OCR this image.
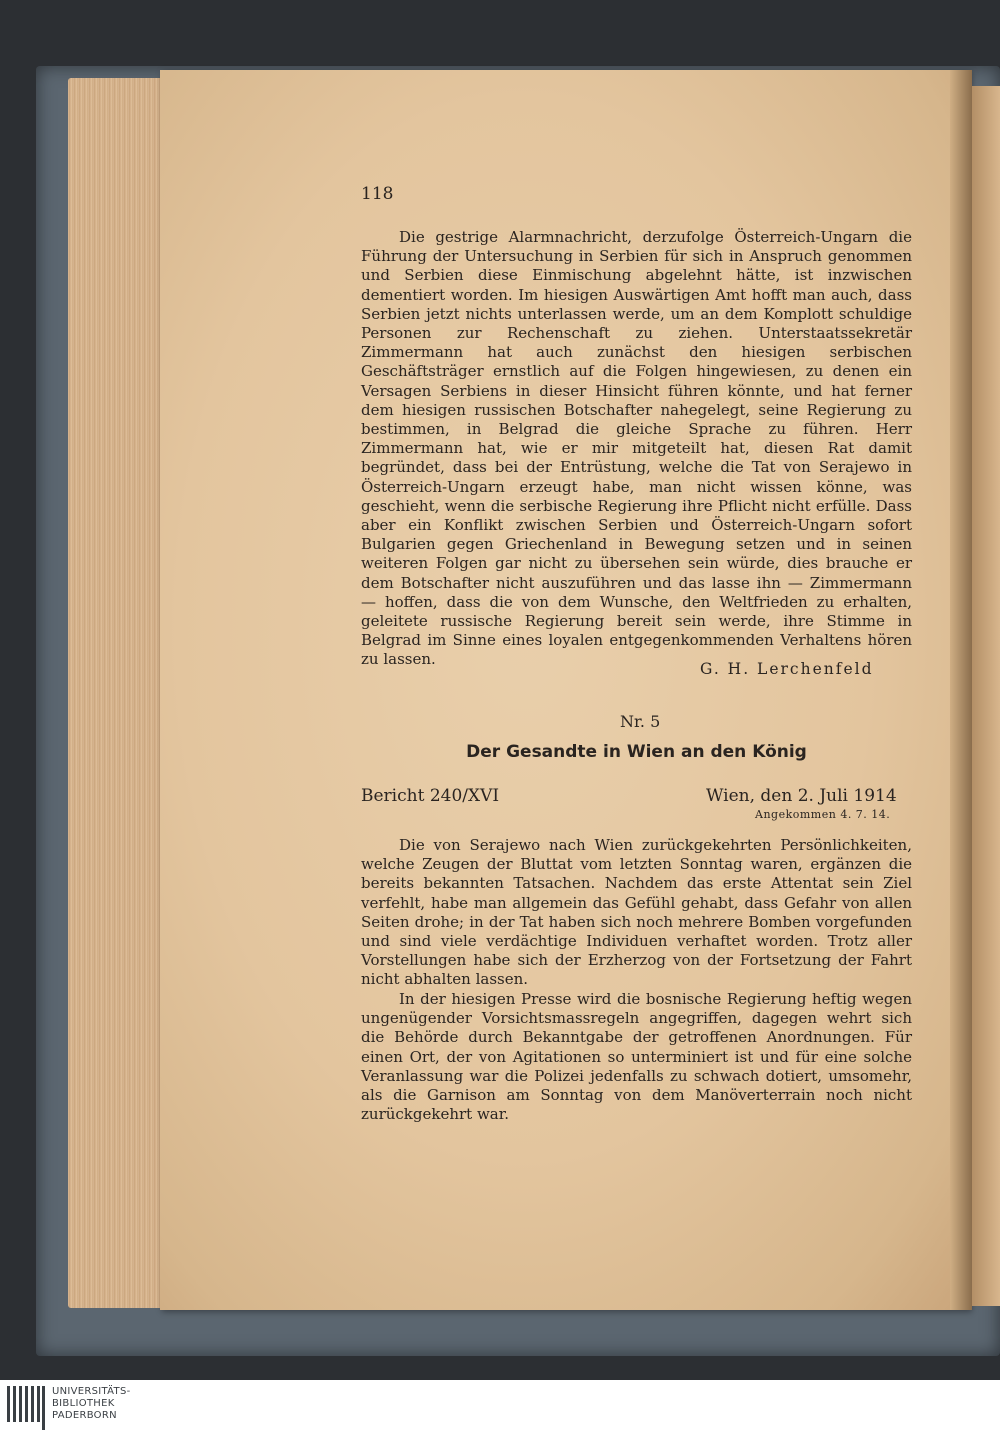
118

Die gestrige Alarmnachricht, derzufolge Österreich-Ungarn die Führung der Untersuchung in Serbien für sich in Anspruch genommen und Serbien diese Einmischung abgelehnt hätte, ist inzwischen dementiert worden. Im hiesigen Auswärtigen Amt hofft man auch, dass Serbien jetzt nichts unterlassen werde, um an dem Komplott schuldige Personen zur Rechenschaft zu ziehen. Unterstaatssekretär Zimmermann hat auch zunächst den hiesigen serbischen Geschäftsträger ernstlich auf die Folgen hingewiesen, zu denen ein Versagen Serbiens in dieser Hinsicht führen könnte, und hat ferner dem hiesigen russischen Botschafter nahegelegt, seine Regierung zu bestimmen, in Belgrad die gleiche Sprache zu führen. Herr Zimmermann hat, wie er mir mitgeteilt hat, diesen Rat damit begründet, dass bei der Entrüstung, welche die Tat von Serajewo in Österreich-Ungarn erzeugt habe, man nicht wissen könne, was geschieht, wenn die serbische Regierung ihre Pflicht nicht erfülle. Dass aber ein Konflikt zwischen Serbien und Österreich-Ungarn sofort Bulgarien gegen Griechenland in Bewegung setzen und in seinen weiteren Folgen gar nicht zu übersehen sein würde, dies brauche er dem Botschafter nicht auszuführen und das lasse ihn — Zimmermann — hoffen, dass die von dem Wunsche, den Weltfrieden zu erhalten, geleitete russische Regierung bereit sein werde, ihre Stimme in Belgrad im Sinne eines loyalen entgegenkommenden Verhaltens hören zu lassen.

G. H. Lerchenfeld
Nr. 5
Der Gesandte in Wien an den König
Bericht 240/XVI	Wien, den 2. Juli 1914
Angekommen 4. 7. 14.

Die von Serajewo nach Wien zurückgekehrten Persönlichkeiten, welche Zeugen der Bluttat vom letzten Sonntag waren, ergänzen die bereits bekannten Tatsachen. Nachdem das erste Attentat sein Ziel verfehlt, habe man allgemein das Gefühl gehabt, dass Gefahr von allen Seiten drohe; in der Tat haben sich noch mehrere Bomben vorgefunden und sind viele verdächtige Individuen verhaftet worden. Trotz aller Vorstellungen habe sich der Erzherzog von der Fortsetzung der Fahrt nicht abhalten lassen.

In der hiesigen Presse wird die bosnische Regierung heftig wegen ungenügender Vorsichtsmassregeln angegriffen, dagegen wehrt sich die Behörde durch Bekanntgabe der getroffenen Anordnungen. Für einen Ort, der von Agitationen so unterminiert ist und für eine solche Veranlassung war die Polizei jedenfalls zu schwach dotiert, umsomehr, als die Garnison am Sonntag von dem Manöverterrain noch nicht zurückgekehrt war.

UNIVERSITÄTS-
BIBLIOTHEK
PADERBORN
